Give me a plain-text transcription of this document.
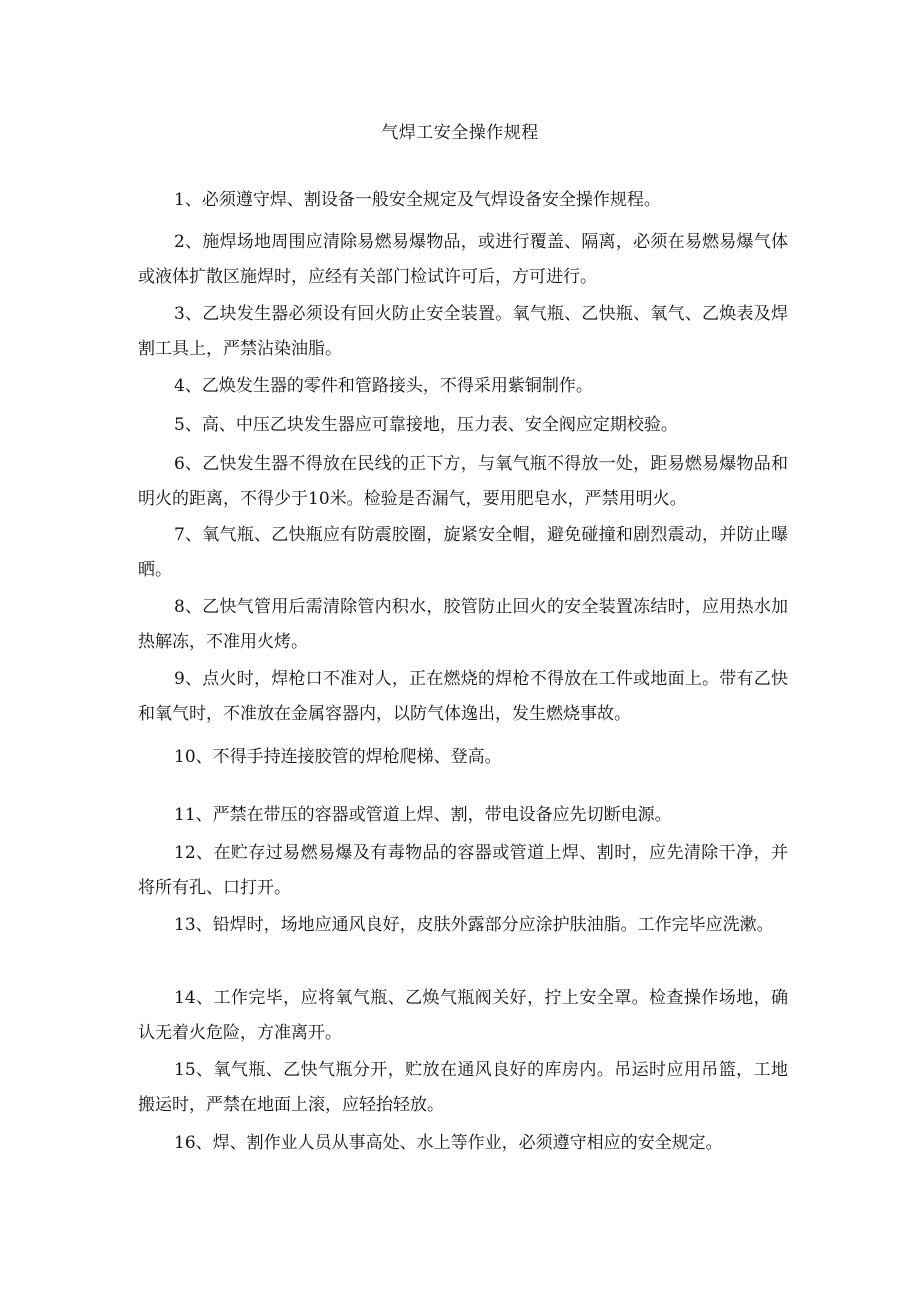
气焊工安全操作规程

1、必须遵守焊、割设备一般安全规定及气焊设备安全操作规程。

2、施焊场地周围应清除易燃易爆物品，或进行覆盖、隔离，必须在易燃易爆气体或液体扩散区施焊时，应经有关部门检试许可后，方可进行。

3、乙块发生器必须设有回火防止安全装置。氧气瓶、乙快瓶、氧气、乙焕表及焊割工具上，严禁沾染油脂。

4、乙焕发生器的零件和管路接头，不得采用紫铜制作。

5、高、中压乙块发生器应可靠接地，压力表、安全阀应定期校验。

6、乙快发生器不得放在民线的正下方，与氧气瓶不得放一处，距易燃易爆物品和明火的距离，不得少于10米。检验是否漏气，要用肥皂水，严禁用明火。

7、氧气瓶、乙快瓶应有防震胶圈，旋紧安全帽，避免碰撞和剧烈震动，并防止曝晒。

8、乙快气管用后需清除管内积水，胶管防止回火的安全装置冻结时，应用热水加热解冻，不准用火烤。

9、点火时，焊枪口不准对人，正在燃烧的焊枪不得放在工件或地面上。带有乙快和氧气时，不准放在金属容器内，以防气体逸出，发生燃烧事故。

10、不得手持连接胶管的焊枪爬梯、登高。

11、严禁在带压的容器或管道上焊、割，带电设备应先切断电源。

12、在贮存过易燃易爆及有毒物品的容器或管道上焊、割时，应先清除干净，并将所有孔、口打开。

13、铅焊时，场地应通风良好，皮肤外露部分应涂护肤油脂。工作完毕应洗漱。

14、工作完毕，应将氧气瓶、乙焕气瓶阀关好，拧上安全罩。检查操作场地，确认无着火危险，方准离开。

15、氧气瓶、乙快气瓶分开，贮放在通风良好的库房内。吊运时应用吊篮，工地搬运时，严禁在地面上滚，应轻抬轻放。

16、焊、割作业人员从事高处、水上等作业，必须遵守相应的安全规定。
